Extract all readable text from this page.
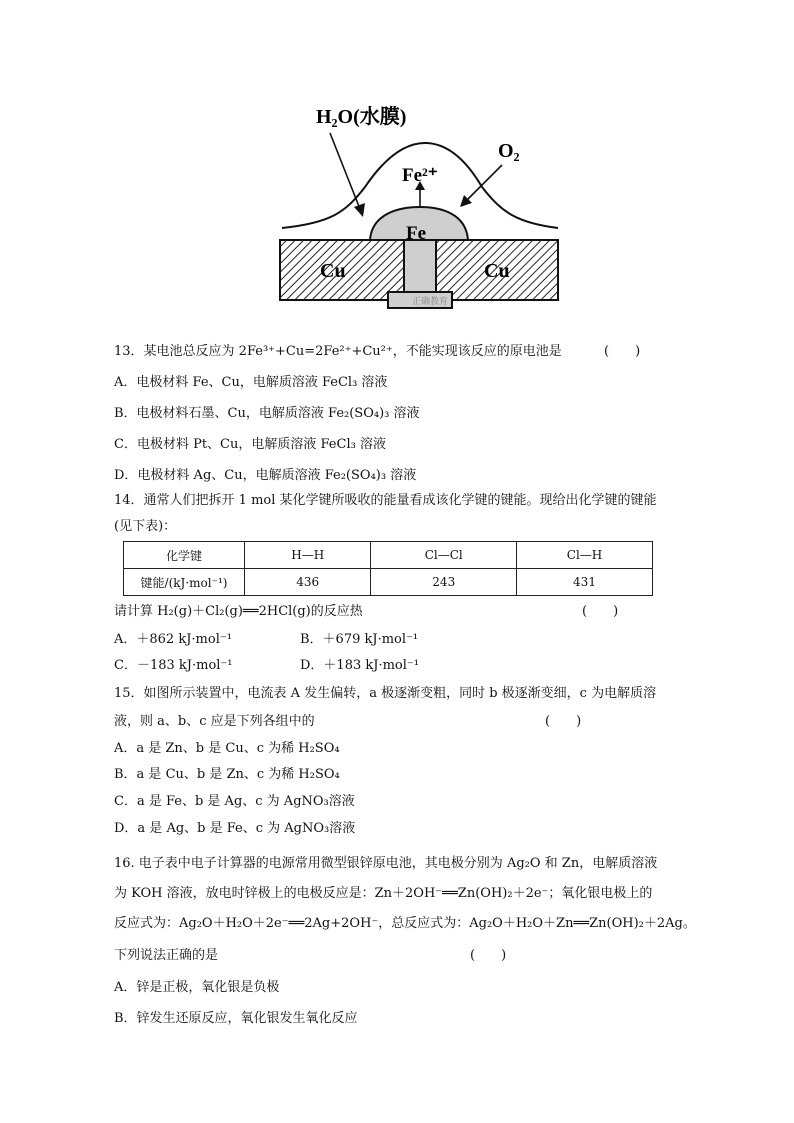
H₂O(水膜)
O₂
Fe²⁺
Fe
Cu	Cu
正确教育
13．某电池总反应为 2Fe³⁺+Cu=2Fe²⁺+Cu²⁺，不能实现该反应的原电池是	(　　)
A．电极材料 Fe、Cu，电解质溶液 FeCl₃ 溶液
B．电极材料石墨、Cu，电解质溶液 Fe₂(SO₄)₃ 溶液
C．电极材料 Pt、Cu，电解质溶液 FeCl₃ 溶液
D．电极材料 Ag、Cu，电解质溶液 Fe₂(SO₄)₃ 溶液
14．通常人们把拆开 1 mol 某化学键所吸收的能量看成该化学键的键能。现给出化学键的键能
(见下表)：
化学键	H—H	Cl—Cl	Cl—H
键能/(kJ·mol⁻¹)	436	243	431
请计算 H₂(g)＋Cl₂(g)══2HCl(g)的反应热	(　　)
A．＋862 kJ·mol⁻¹	B．＋679 kJ·mol⁻¹
C．－183 kJ·mol⁻¹	D．＋183 kJ·mol⁻¹
15．如图所示装置中，电流表 A 发生偏转，a 极逐渐变粗，同时 b 极逐渐变细，c 为电解质溶
液，则 a、b、c 应是下列各组中的	(　　)
A．a 是 Zn、b 是 Cu、c 为稀 H₂SO₄
B．a 是 Cu、b 是 Zn、c 为稀 H₂SO₄
C．a 是 Fe、b 是 Ag、c 为 AgNO₃溶液
D．a 是 Ag、b 是 Fe、c 为 AgNO₃溶液
16. 电子表中电子计算器的电源常用微型银锌原电池，其电极分别为 Ag₂O 和 Zn，电解质溶液
为 KOH 溶液，放电时锌极上的电极反应是：Zn＋2OH⁻══Zn(OH)₂＋2e⁻；氧化银电极上的
反应式为：Ag₂O＋H₂O＋2e⁻══2Ag+2OH⁻，总反应式为：Ag₂O＋H₂O＋Zn══Zn(OH)₂＋2Ag。
下列说法正确的是	(　　)
A．锌是正极，氧化银是负极
B．锌发生还原反应，氧化银发生氧化反应
